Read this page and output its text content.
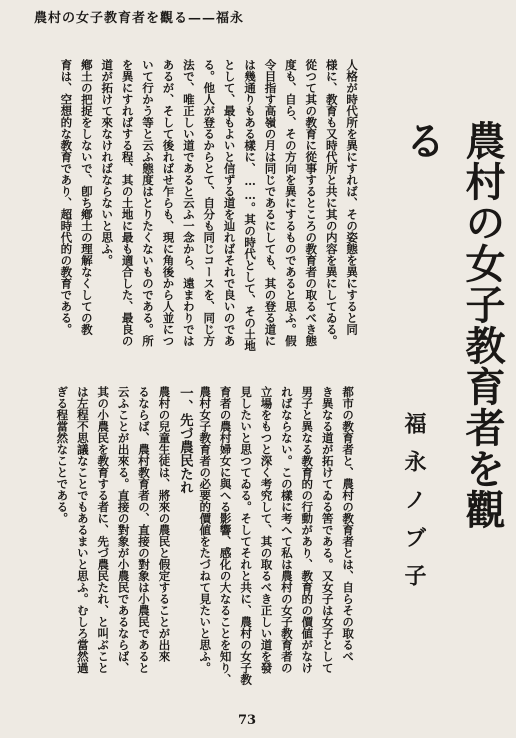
農村の女子教育者を觀る——福永
農村の女子教育者を觀る
福永ノブ子
人格が時代所を異にすれば、その姿態を異にすると同
様に、教育も又時代所と共に其の内容を異にしてゐる。
從つて其の教育に從事するところの教育者の取るべき態
度も、自ら、その方向を異にするものであると思ふ。假
令目指す高嶺の月は同じであるにしても、其の登る道に
は幾通りもある樣に、……。其の時代として、その土地
として、最もよいと信ずる道を辿ればそれで良いのであ
る。他人が登るからとて、自分も同じコースを、同じ方
法で、唯正しい道であると云ふ一念から、遠まわりでは
あるが、そして後ればせ乍らも、現に角後から人並につ
いて行かう等と云ふ態度はとりたくないものである。所
を異にすればする程、其の土地に最も適合した、最良の
道が拓けて來なければならないと思ふ。
鄕土の把捉をしないで、卽ち鄕土の理解なくしての教
育は、空想的な教育であり、超時代的の教育である。
都市の教育者と、農村の教育者とは、自らその取るべ
き異なる道が拓けてゐる筈である。又女子は女子として
男子と異なる教育的の行動があり、教育的の價値がなけ
ればならない。この樣に考へて私は農村の女子教育者の
立場をもつと深く考究して、其の取るべき正しい道を發
見したいと思つてゐる。そしてそれと共に、農村の女子教
育者の農村婦女に與へる影響、感化の大なることを知り、
農村女子教育者の必要的價値をたづねて見たいと思ふ。
一、先づ農民たれ
農村の兒童生徒は、將來の農民と假定することが出來
るならば、農村教育者の、直接の對象は小農民であると
云ふことが出來る。直接の對象が小農民であるならば、
其の小農民を教育する者に、先づ農民たれ、と叫ぶこと
は左程不思議なことでもあるまいと思ふ。むしろ當然過
ぎる程當然なことである。
73
